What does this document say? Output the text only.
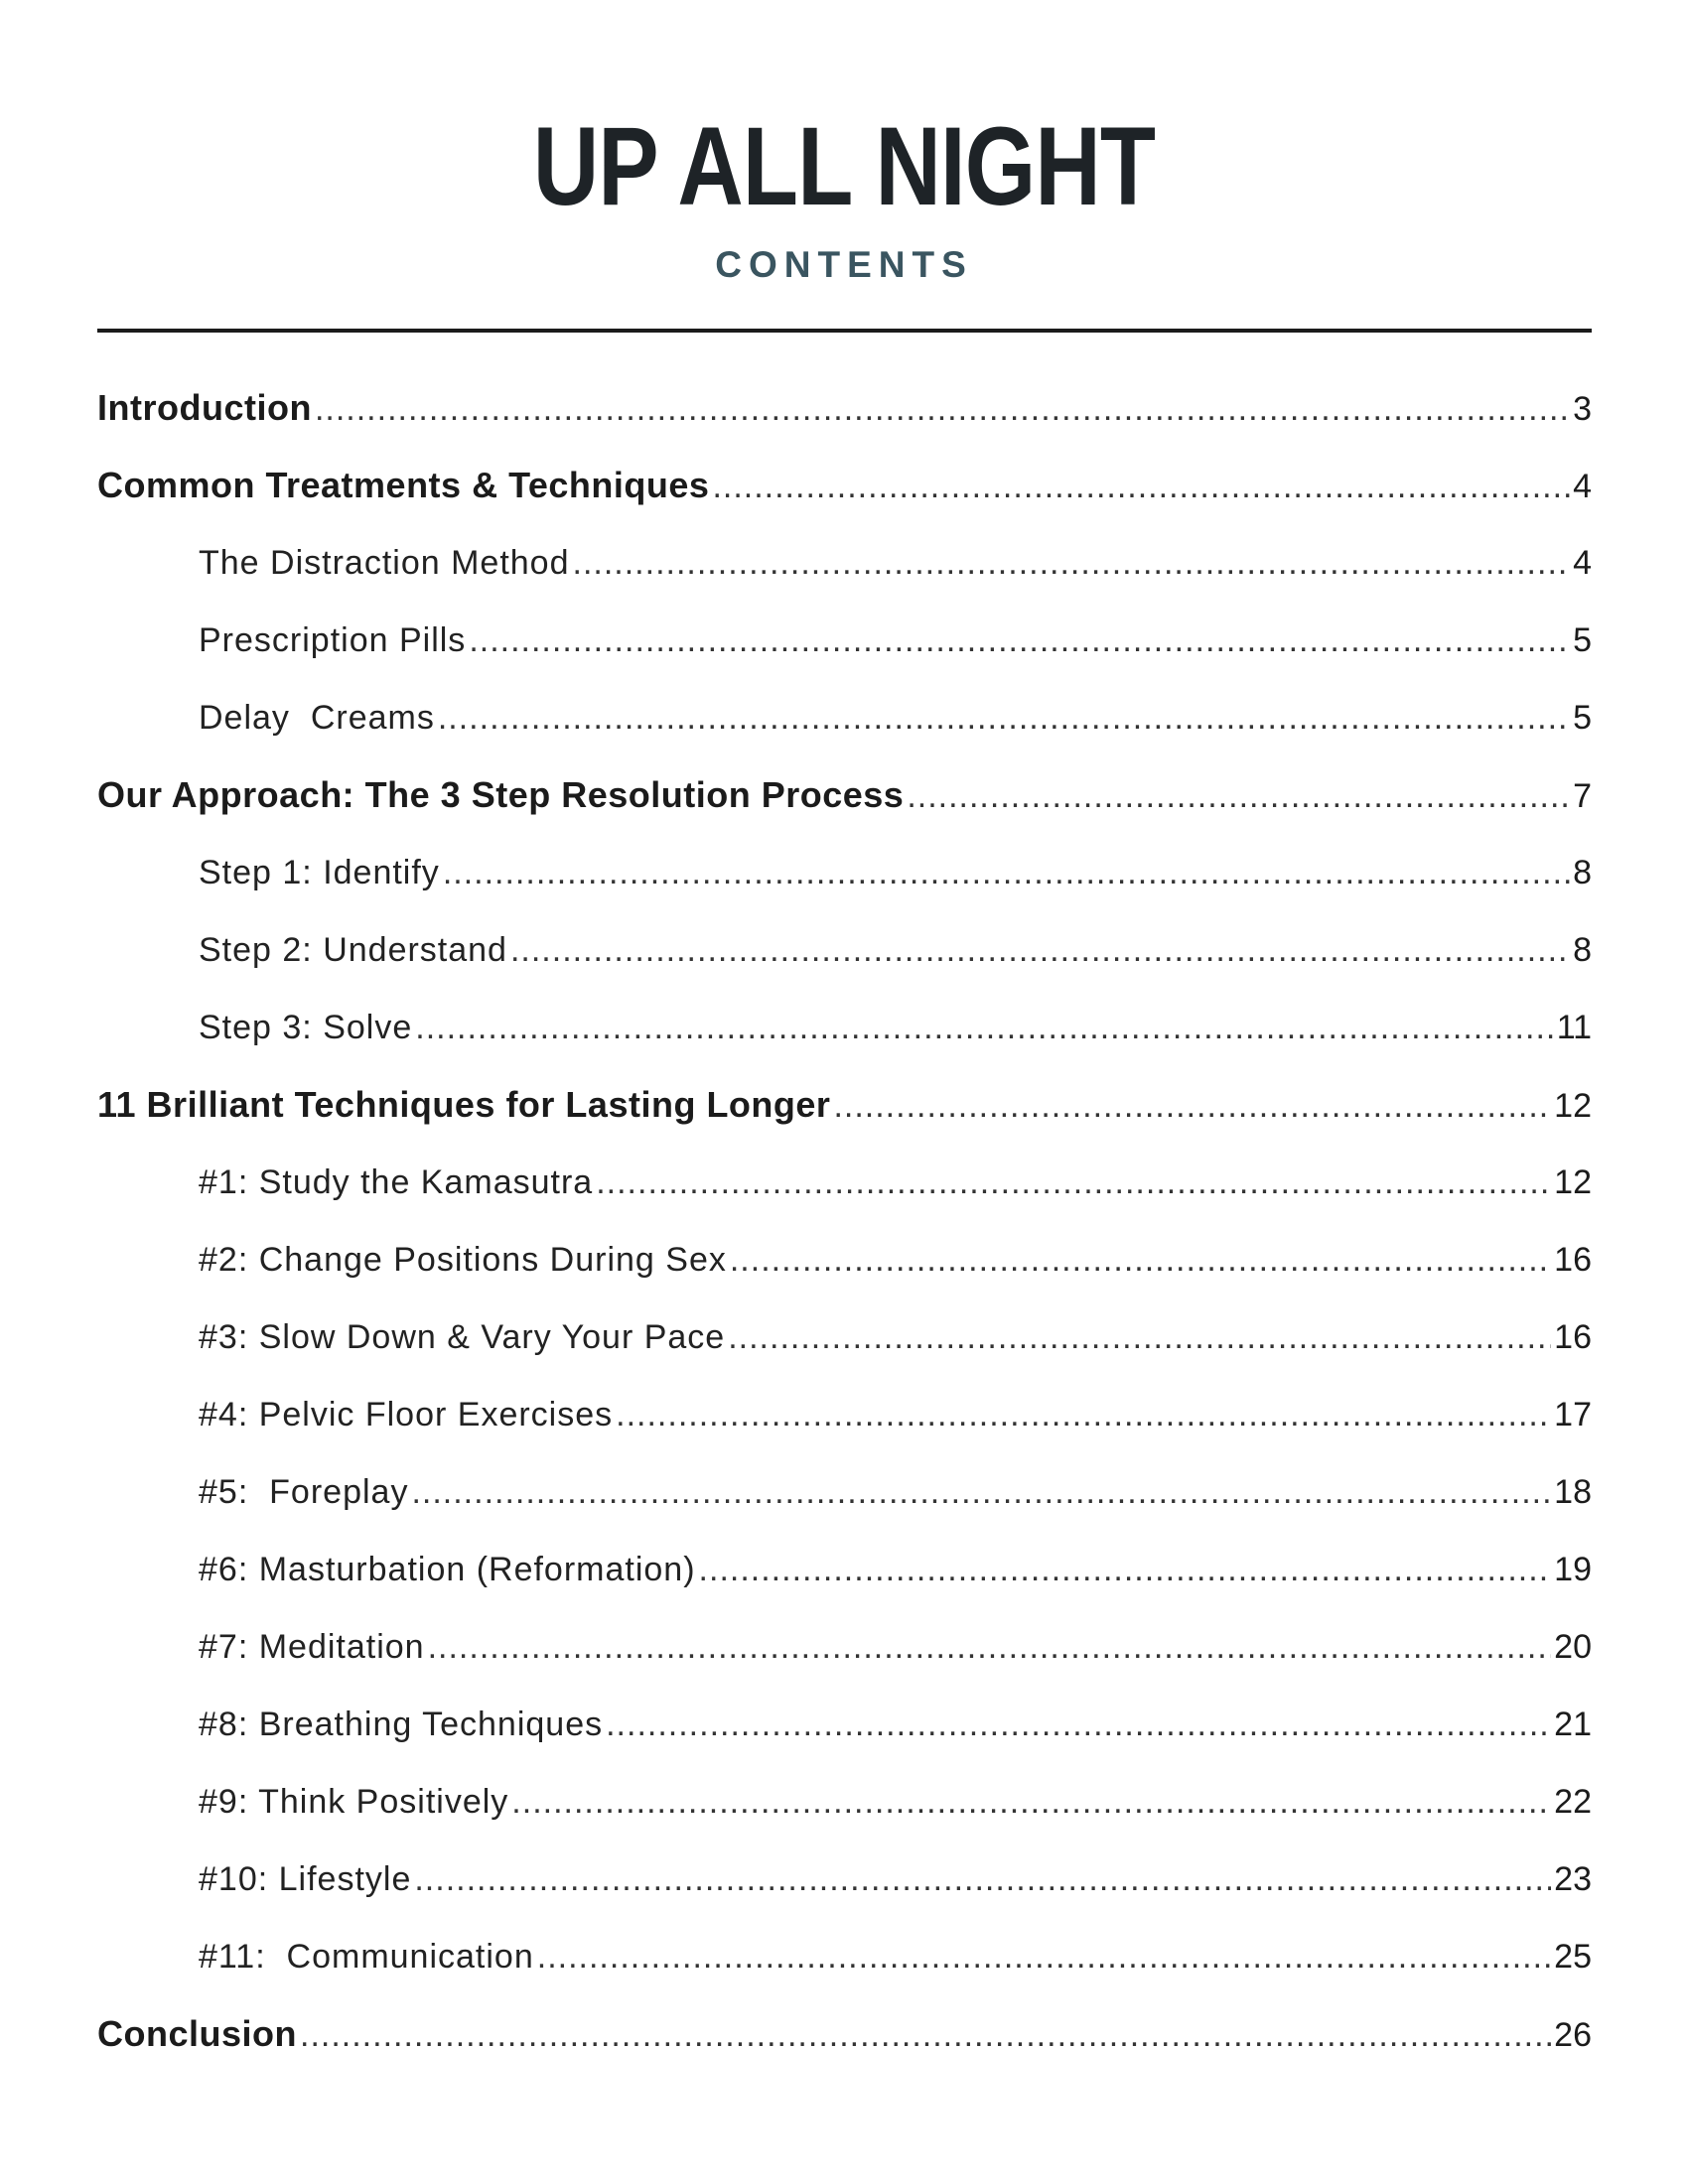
UP ALL NIGHT
CONTENTS
Introduction .....	3
Common Treatments & Techniques .....	4
The Distraction Method .....	4
Prescription Pills .....	5
Delay  Creams .....	5
Our Approach: The 3 Step Resolution Process .....	7
Step 1: Identify .....	8
Step 2: Understand .....	8
Step 3: Solve .....	11
11 Brilliant Techniques for Lasting Longer .....	12
#1: Study the Kamasutra .....	12
#2: Change Positions During Sex .....	16
#3: Slow Down & Vary Your Pace .....	16
#4: Pelvic Floor Exercises .....	17
#5:  Foreplay .....	18
#6: Masturbation (Reformation) .....	19
#7: Meditation .....	20
#8: Breathing Techniques .....	21
#9: Think Positively .....	22
#10: Lifestyle .....	23
#11:  Communication .....	25
Conclusion .....	26
